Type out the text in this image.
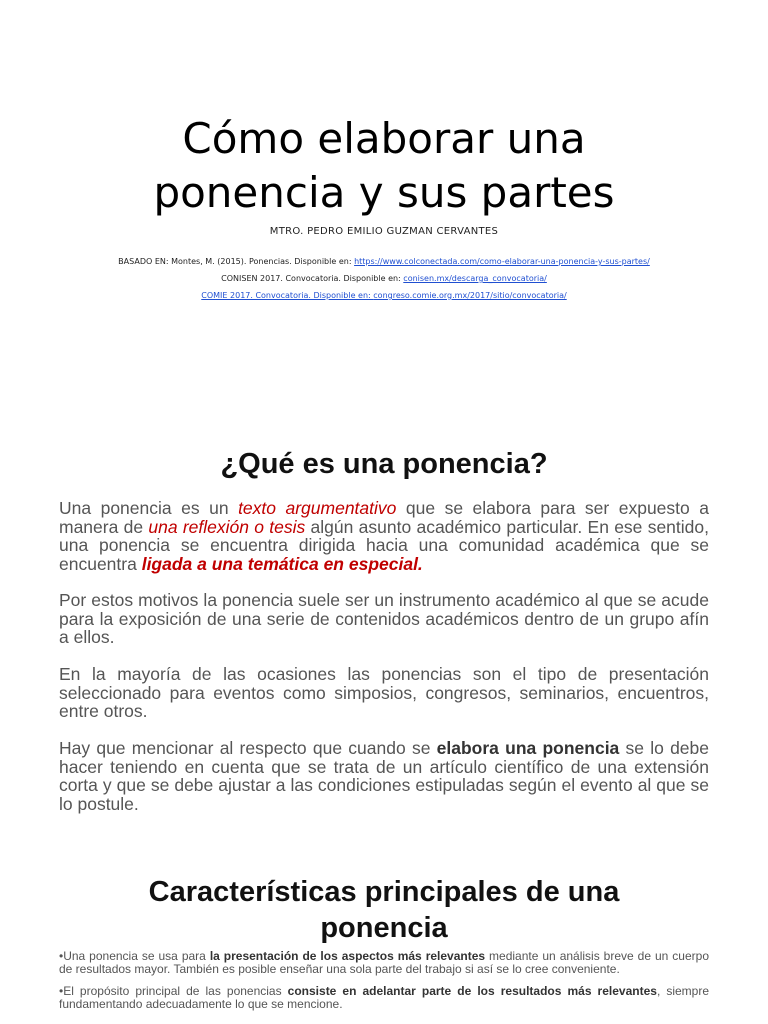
Cómo elaborar una
ponencia y sus partes
MTRO. PEDRO EMILIO GUZMAN CERVANTES
BASADO EN: Montes, M. (2015). Ponencias. Disponible en: https://www.colconectada.com/como-elaborar-una-ponencia-y-sus-partes/
CONISEN 2017. Convocatoria. Disponible en: conisen.mx/descarga_convocatoria/
COMIE 2017. Convocatoria. Disponible en: congreso.comie.org.mx/2017/sitio/convocatoria/
¿Qué es una ponencia?

Una ponencia es un texto argumentativo que se elabora para ser expuesto a manera de una reflexión o tesis algún asunto académico particular. En ese sentido, una ponencia se encuentra dirigida hacia una comunidad académica que se encuentra ligada a una temática en especial.

Por estos motivos la ponencia suele ser un instrumento académico al que se acude para la exposición de una serie de contenidos académicos dentro de un grupo afín a ellos.

En la mayoría de las ocasiones las ponencias son el tipo de presentación seleccionado para eventos como simposios, congresos, seminarios, encuentros, entre otros.

Hay que mencionar al respecto que cuando se elabora una ponencia se lo debe hacer teniendo en cuenta que se trata de un artículo científico de una extensión corta y que se debe ajustar a las condiciones estipuladas según el evento al que se lo postule.

Características principales de una
ponencia

•Una ponencia se usa para la presentación de los aspectos más relevantes mediante un análisis breve de un cuerpo de resultados mayor. También es posible enseñar una sola parte del trabajo si así se lo cree conveniente.

•El propósito principal de las ponencias consiste en adelantar parte de los resultados más relevantes, siempre fundamentando adecuadamente lo que se mencione.
